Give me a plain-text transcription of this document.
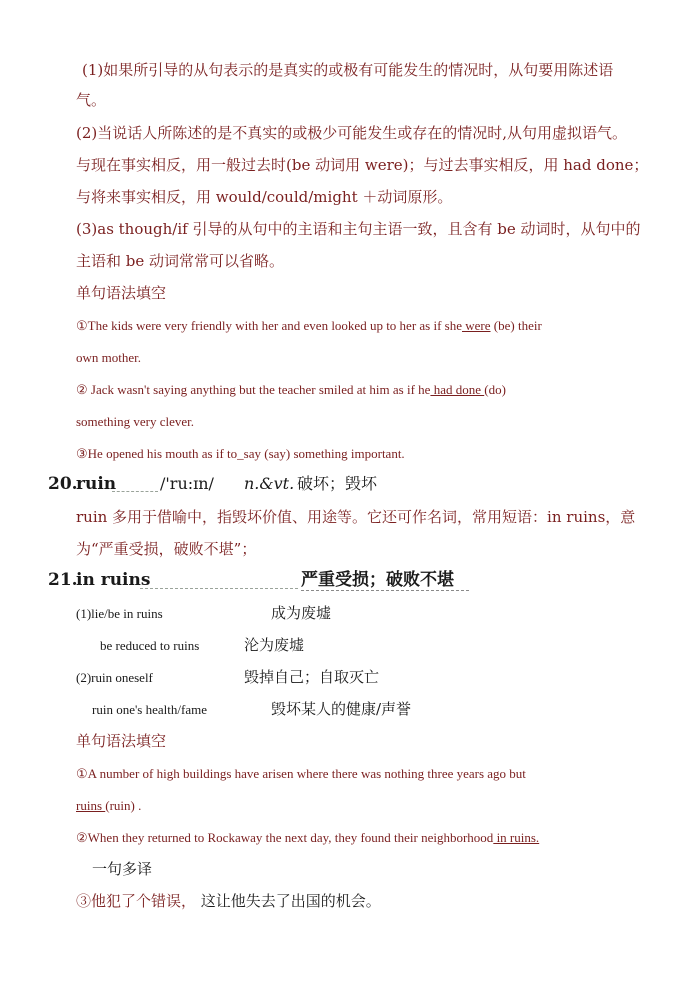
(1)如果所引导的从句表示的是真实的或极有可能发生的情况时，从句要用陈述语
气。
(2)当说话人所陈述的是不真实的或极少可能发生或存在的情况时,从句用虚拟语气。
与现在事实相反，用一般过去时(be 动词用 were)；与过去事实相反，用 had done；
与将来事实相反，用 would/could/might ＋动词原形。
(3)as though/if 引导的从句中的主语和主句主语一致，且含有 be 动词时，从句中的
主语和 be 动词常常可以省略。
单句语法填空
①The kids were very friendly with her and even looked up to her as if she were (be) their
own mother.
② Jack wasn't saying anything but the teacher smiled at him as if he had done (do)
something very clever.
③He opened his mouth as if to_say (say) something important.
20.
ruin	/'ru:ɪn/ n.&vt. 破坏；毁坏
ruin 多用于借喻中，指毁坏价值、用途等。它还可作名词，常用短语：in ruins，意
为“严重受损，破败不堪”；
21.
in ruins	严重受损；破败不堪
(1)lie/be in ruins	成为废墟
be reduced to ruins	沦为废墟
(2)ruin oneself	毁掉自己；自取灭亡
ruin one's health/fame	毁坏某人的健康/声誉
单句语法填空
①A number of high buildings have arisen where there was nothing three years ago but
ruins (ruin) .
②When they returned to Rockaway the next day, they found their neighborhood in ruins.
一句多译
③他犯了个错误， 这让他失去了出国的机会。
